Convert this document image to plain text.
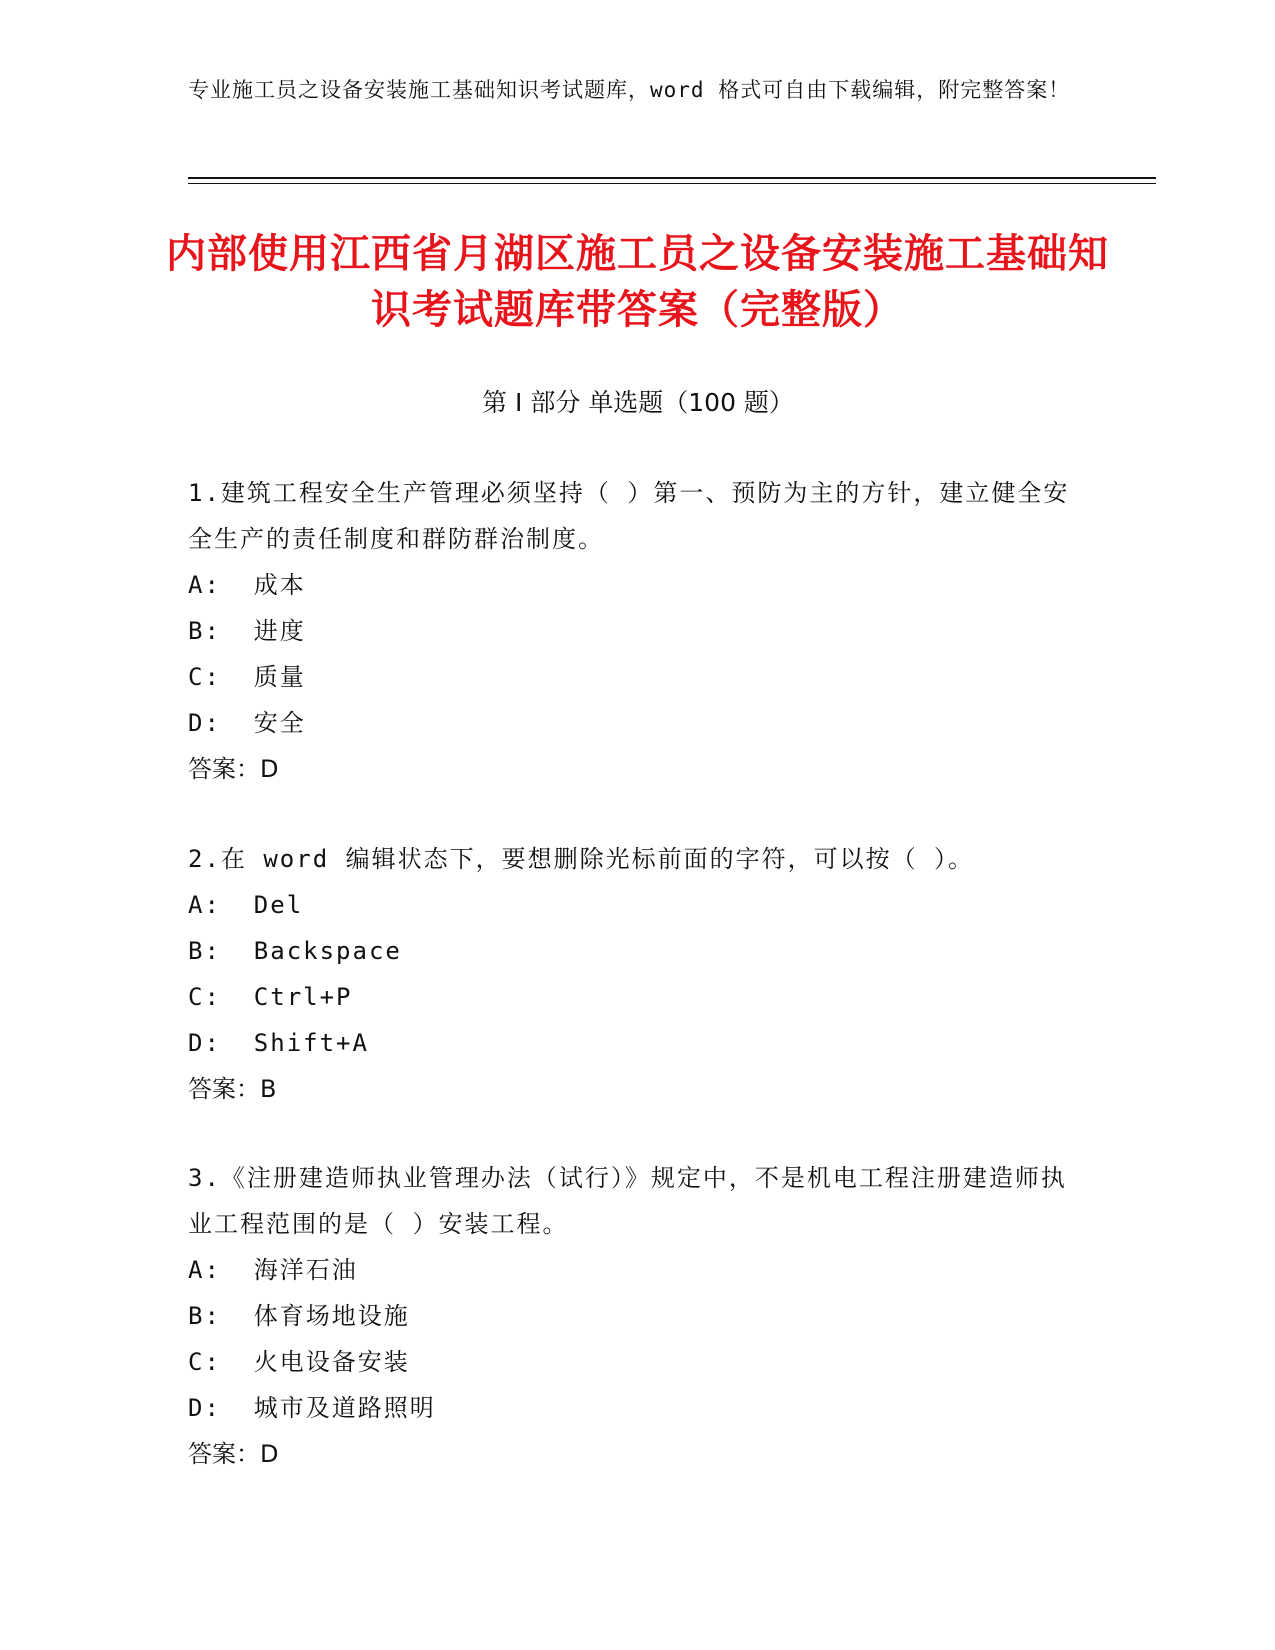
专业施工员之设备安装施工基础知识考试题库，word 格式可自由下载编辑，附完整答案！
内部使用江西省月湖区施工员之设备安装施工基础知识考试题库带答案（完整版）
第 I 部分 单选题（100 题）
1.建筑工程安全生产管理必须坚持（ ）第一、预防为主的方针，建立健全安全生产的责任制度和群防群治制度。
A:  成本
B:  进度
C:  质量
D:  安全
答案：D
2.在 word 编辑状态下，要想删除光标前面的字符，可以按（ ）。
A:  Del
B:  Backspace
C:  Ctrl+P
D:  Shift+A
答案：B
3.《注册建造师执业管理办法（试行）》规定中，不是机电工程注册建造师执业工程范围的是（ ）安装工程。
A:  海洋石油
B:  体育场地设施
C:  火电设备安装
D:  城市及道路照明
答案：D
